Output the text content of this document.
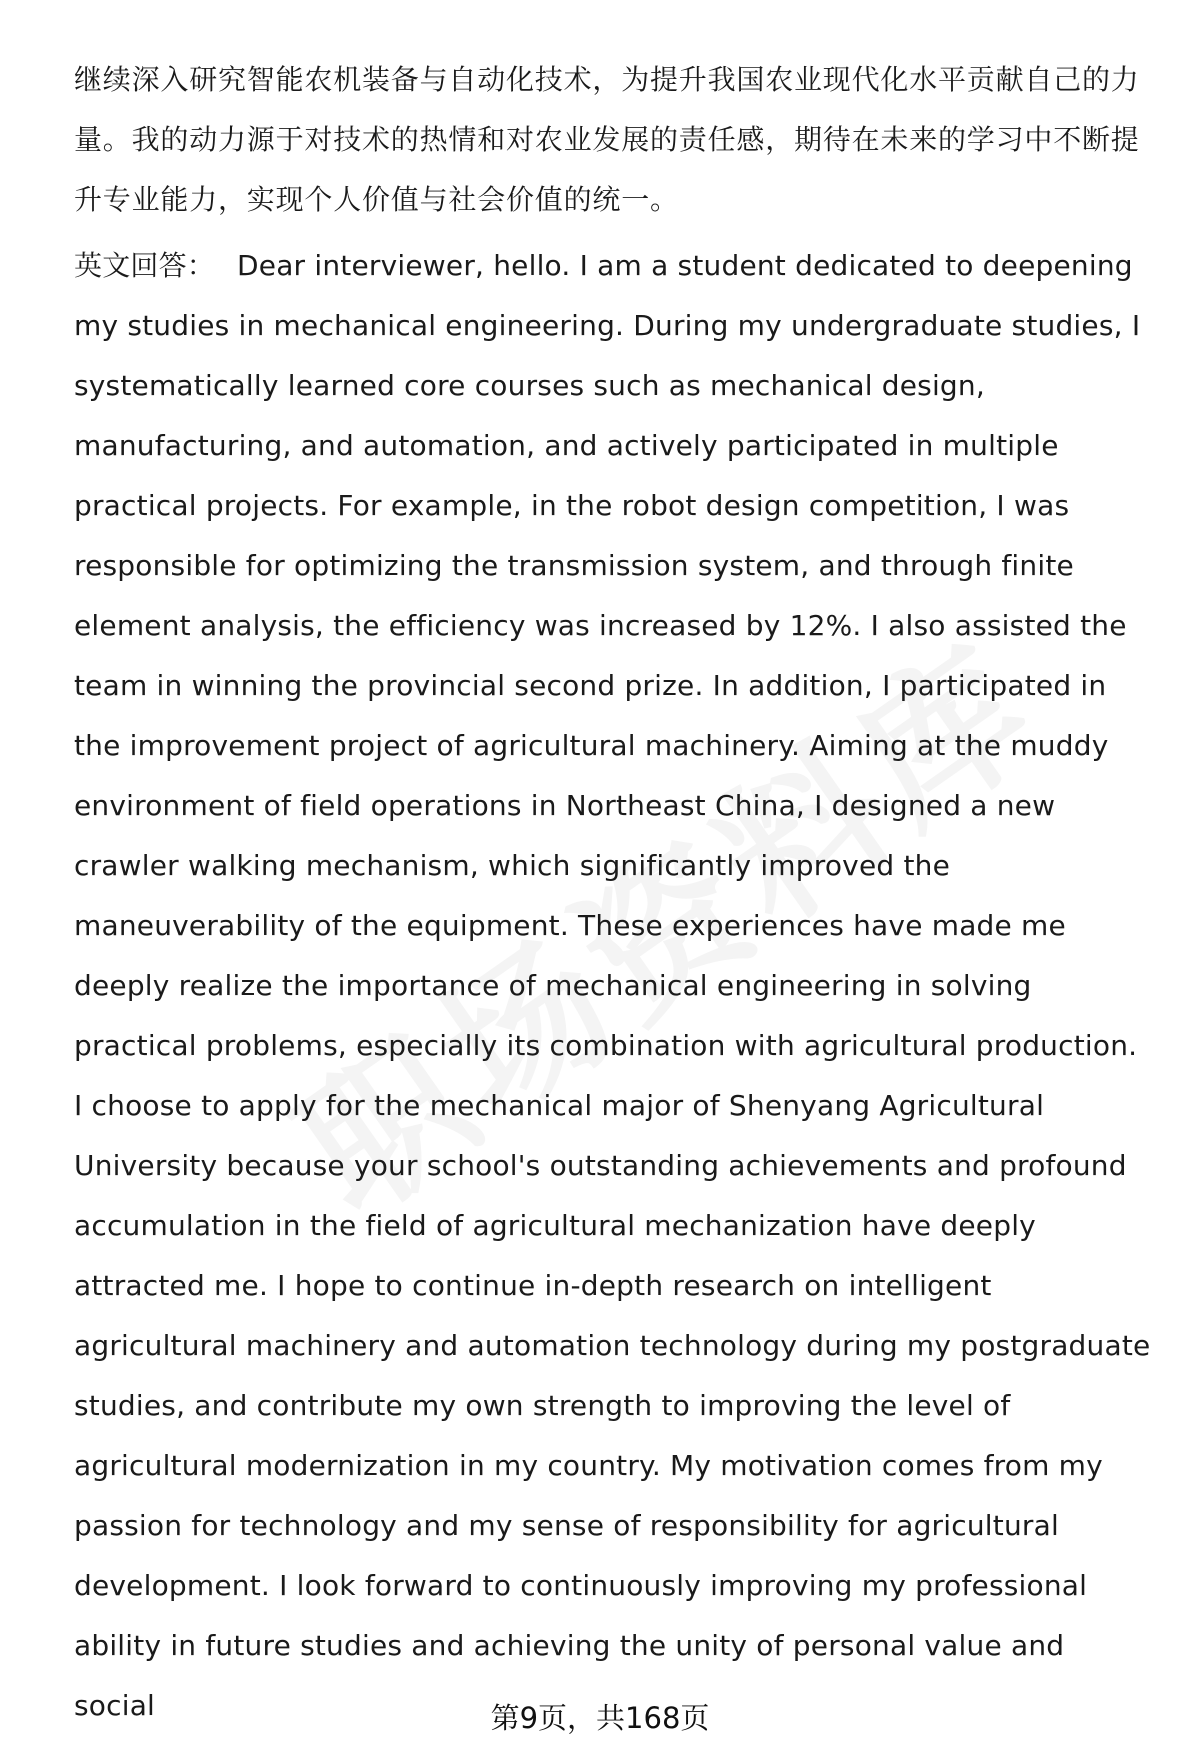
继续深入研究智能农机装备与自动化技术，为提升我国农业现代化水平贡献自己的力量。我的动力源于对技术的热情和对农业发展的责任感，期待在未来的学习中不断提升专业能力，实现个人价值与社会价值的统一。

英文回答： Dear interviewer, hello. I am a student dedicated to deepening my studies in mechanical engineering. During my undergraduate studies, I systematically learned core courses such as mechanical design, manufacturing, and automation, and actively participated in multiple practical projects. For example, in the robot design competition, I was responsible for optimizing the transmission system, and through finite element analysis, the efficiency was increased by 12%. I also assisted the team in winning the provincial second prize. In addition, I participated in the improvement project of agricultural machinery. Aiming at the muddy environment of field operations in Northeast China, I designed a new crawler walking mechanism, which significantly improved the maneuverability of the equipment. These experiences have made me deeply realize the importance of mechanical engineering in solving practical problems, especially its combination with agricultural production. I choose to apply for the mechanical major of Shenyang Agricultural University because your school's outstanding achievements and profound accumulation in the field of agricultural mechanization have deeply attracted me. I hope to continue in-depth research on intelligent agricultural machinery and automation technology during my postgraduate studies, and contribute my own strength to improving the level of agricultural modernization in my country. My motivation comes from my passion for technology and my sense of responsibility for agricultural development. I look forward to continuously improving my professional ability in future studies and achieving the unity of personal value and social	第9页，共168页
